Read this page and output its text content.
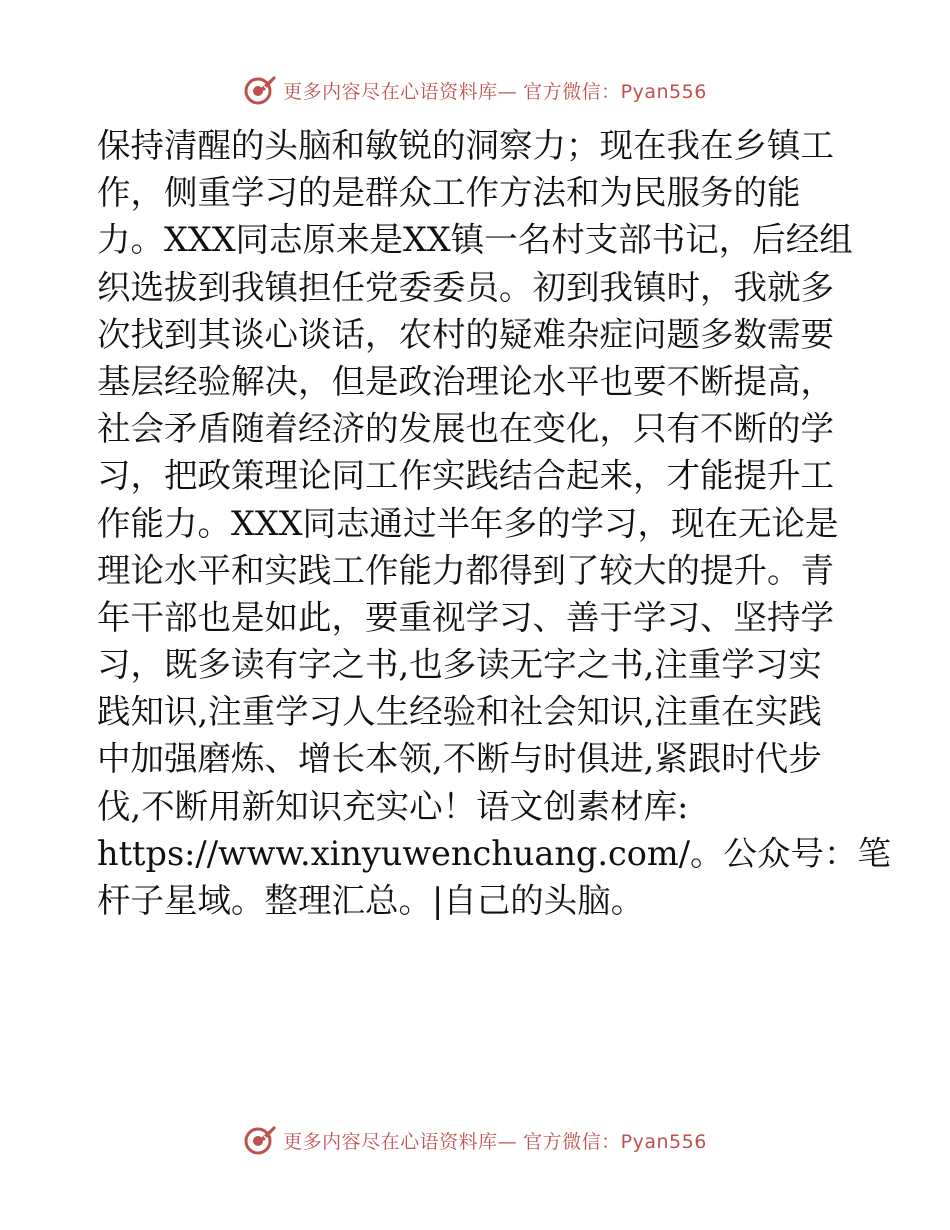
更多内容尽在心语资料库— 官方微信：Pyan556
保持清醒的头脑和敏锐的洞察力；现在我在乡镇工
作，侧重学习的是群众工作方法和为民服务的能
力。XXX同志原来是XX镇一名村支部书记，后经组
织选拔到我镇担任党委委员。初到我镇时，我就多
次找到其谈心谈话，农村的疑难杂症问题多数需要
基层经验解决，但是政治理论水平也要不断提高，
社会矛盾随着经济的发展也在变化，只有不断的学
习，把政策理论同工作实践结合起来，才能提升工
作能力。XXX同志通过半年多的学习，现在无论是
理论水平和实践工作能力都得到了较大的提升。青
年干部也是如此，要重视学习、善于学习、坚持学
习，既多读有字之书,也多读无字之书,注重学习实
践知识,注重学习人生经验和社会知识,注重在实践
中加强磨炼、增长本领,不断与时俱进,紧跟时代步
伐,不断用新知识充实心！语文创素材库:
https://www.xinyuwenchuang.com/。公众号：笔
杆子星域。整理汇总。|自己的头脑。
更多内容尽在心语资料库— 官方微信：Pyan556
